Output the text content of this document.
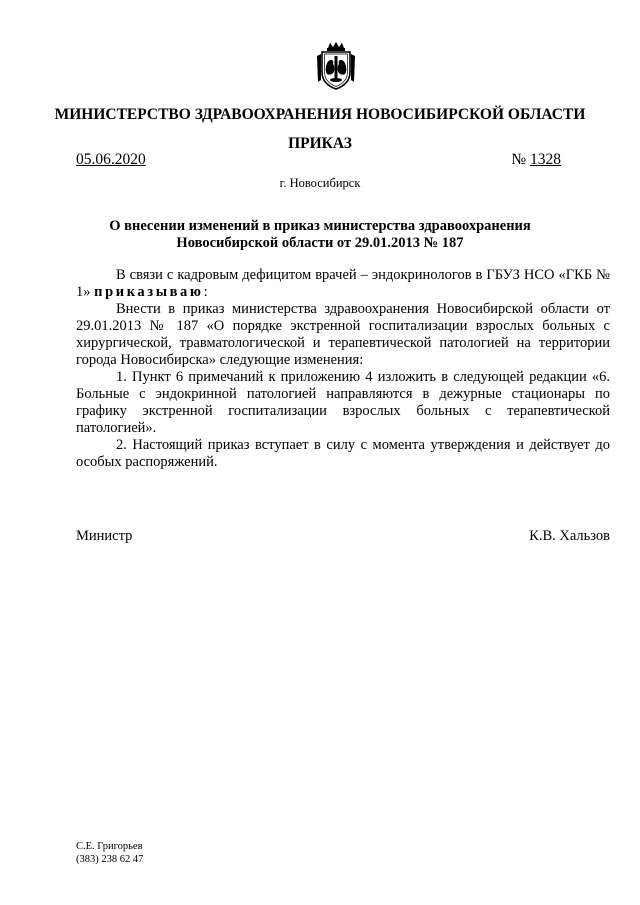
МИНИСТЕРСТВО ЗДРАВООХРАНЕНИЯ НОВОСИБИРСКОЙ ОБЛАСТИ
ПРИКАЗ
05.06.2020	№ 1328
г. Новосибирск
О внесении изменений в приказ министерства здравоохранения
Новосибирской области от 29.01.2013 № 187

В связи с кадровым дефицитом врачей – эндокринологов в ГБУЗ НСО «ГКБ № 1» приказываю:

Внести в приказ министерства здравоохранения Новосибирской области от 29.01.2013 № 187 «О порядке экстренной госпитализации взрослых больных с хирургической, травматологической и терапевтической патологией на территории города Новосибирска» следующие изменения:

1. Пункт 6 примечаний к приложению 4 изложить в следующей редакции «6. Больные с эндокринной патологией направляются в дежурные стационары по графику экстренной госпитализации взрослых больных с терапевтической патологией».

2. Настоящий приказ вступает в силу с момента утверждения и действует до особых распоряжений.

Министр	К.В. Хальзов
С.Е. Григорьев
(383) 238 62 47
